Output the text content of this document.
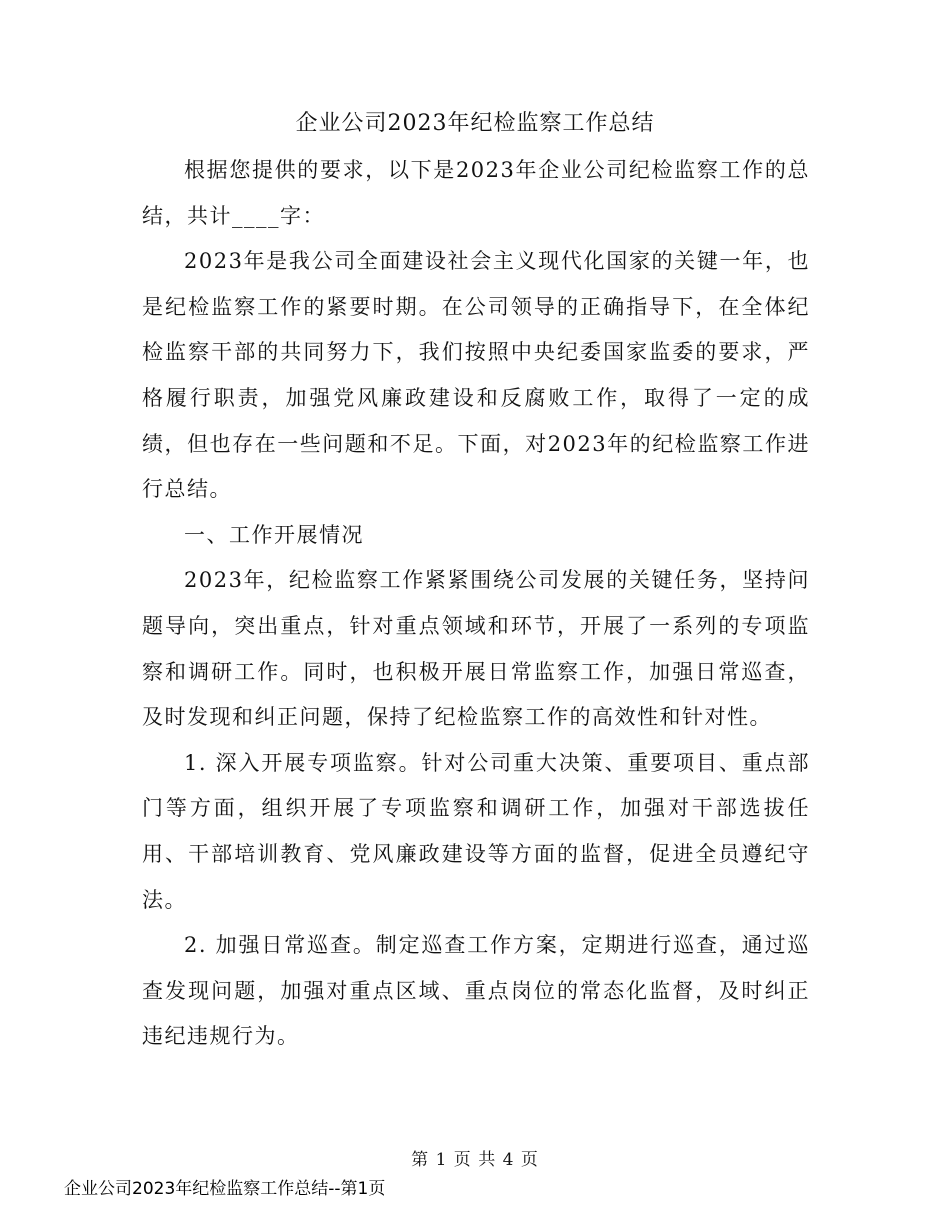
企业公司2023年纪检监察工作总结

根据您提供的要求，以下是2023年企业公司纪检监察工作的总结，共计____字：

2023年是我公司全面建设社会主义现代化国家的关键一年，也是纪检监察工作的紧要时期。在公司领导的正确指导下，在全体纪检监察干部的共同努力下，我们按照中央纪委国家监委的要求，严格履行职责，加强党风廉政建设和反腐败工作，取得了一定的成绩，但也存在一些问题和不足。下面，对2023年的纪检监察工作进行总结。

一、工作开展情况

2023年，纪检监察工作紧紧围绕公司发展的关键任务，坚持问题导向，突出重点，针对重点领域和环节，开展了一系列的专项监察和调研工作。同时，也积极开展日常监察工作，加强日常巡查，及时发现和纠正问题，保持了纪检监察工作的高效性和针对性。

1. 深入开展专项监察。针对公司重大决策、重要项目、重点部门等方面，组织开展了专项监察和调研工作，加强对干部选拔任用、干部培训教育、党风廉政建设等方面的监督，促进全员遵纪守法。

2. 加强日常巡查。制定巡查工作方案，定期进行巡查，通过巡查发现问题，加强对重点区域、重点岗位的常态化监督，及时纠正违纪违规行为。

第 1 页 共 4 页
企业公司2023年纪检监察工作总结--第1页
